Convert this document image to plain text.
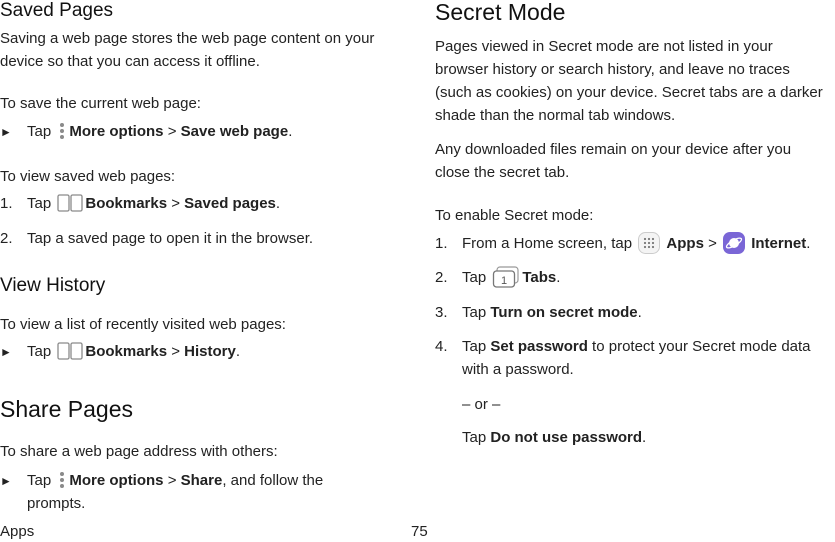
Saved Pages

Saving a web page stores the web page content on your device so that you can access it offline.

To save the current web page:

► Tap More options > Save web page.

To view saved web pages:

1. Tap Bookmarks > Saved pages.
2. Tap a saved page to open it in the browser.
View History

To view a list of recently visited web pages:

► Tap Bookmarks > History.
Share Pages

To share a web page address with others:

► Tap More options > Share, and follow the
prompts.
Secret Mode

Pages viewed in Secret mode are not listed in your browser history or search history, and leave no traces (such as cookies) on your device. Secret tabs are a darker shade than the normal tab windows.

Any downloaded files remain on your device after you close the secret tab.

To enable Secret mode:

1. From a Home screen, tap Apps > Internet.
2. Tap 1 Tabs.
3. Tap Turn on secret mode.
4. Tap Set password to protect your Secret mode data with a password.
– or –
Tap Do not use password.
Apps	75
